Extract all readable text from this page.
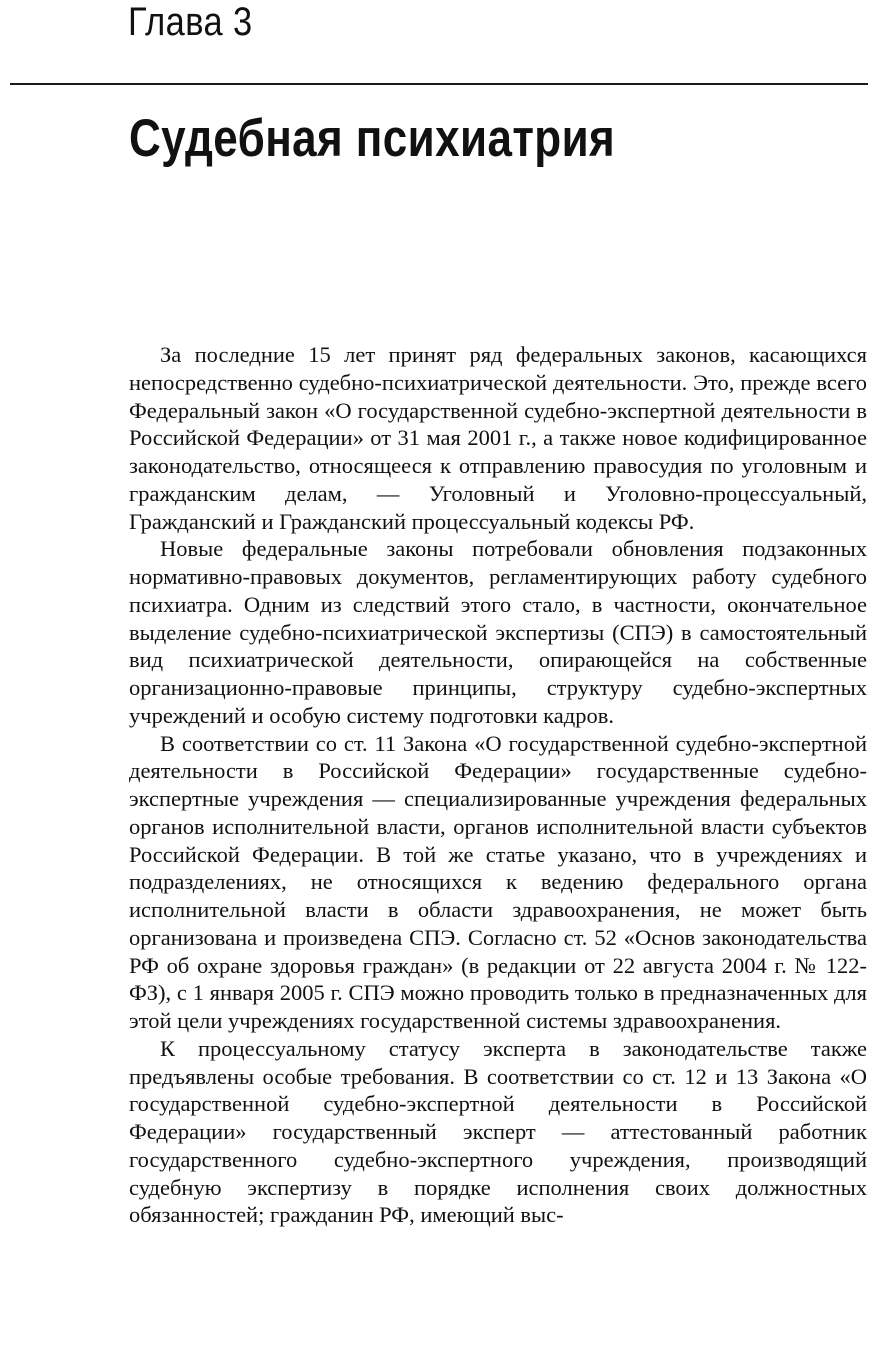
Глава 3
Судебная психиатрия

За последние 15 лет принят ряд федеральных законов, касающихся непосредственно судебно-психиатрической деятельности. Это, прежде всего Федеральный закон «О государственной судебно-экспертной деятельности в Российской Федерации» от 31 мая 2001 г., а также новое кодифицированное законодательство, относящееся к отправлению правосудия по уголовным и гражданским делам, — Уголовный и Уголовно-процессуальный, Гражданский и Гражданский процессуальный кодексы РФ.

Новые федеральные законы потребовали обновления подзаконных нормативно-правовых документов, регламентирующих работу судебного психиатра. Одним из следствий этого стало, в частности, окончательное выделение судебно-психиатрической экспертизы (СПЭ) в самостоятельный вид психиатрической деятельности, опирающейся на собственные организационно-правовые принципы, структуру судебно-экспертных учреждений и особую систему подготовки кадров.

В соответствии со ст. 11 Закона «О государственной судебно-экспертной деятельности в Российской Федерации» государственные судебно-экспертные учреждения — специализированные учреждения федеральных органов исполнительной власти, органов исполнительной власти субъектов Российской Федерации. В той же статье указано, что в учреждениях и подразделениях, не относящихся к ведению федерального органа исполнительной власти в области здравоохранения, не может быть организована и произведена СПЭ. Согласно ст. 52 «Основ законодательства РФ об охране здоровья граждан» (в редакции от 22 августа 2004 г. № 122-ФЗ), с 1 января 2005 г. СПЭ можно проводить только в предназначенных для этой цели учреждениях государственной системы здравоохранения.

К процессуальному статусу эксперта в законодательстве также предъявлены особые требования. В соответствии со ст. 12 и 13 Закона «О государственной судебно-экспертной деятельности в Российской Федерации» государственный эксперт — аттестованный работник государственного судебно-экспертного учреждения, производящий судебную экспертизу в порядке исполнения своих должностных обязанностей; гражданин РФ, имеющий выс-
